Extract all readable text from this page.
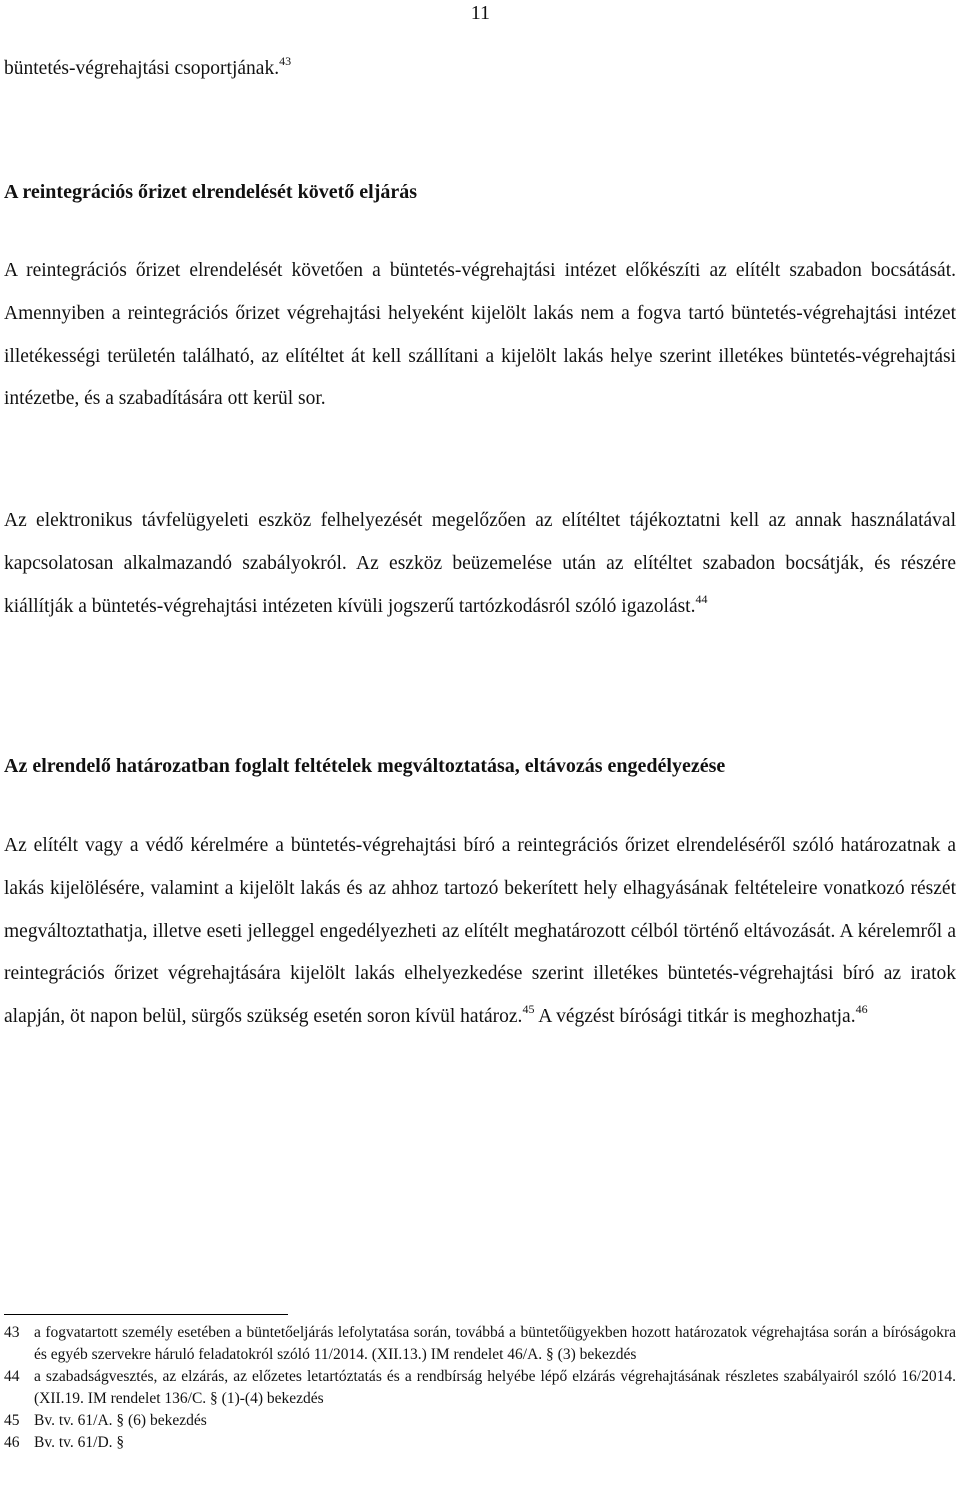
11

büntetés-végrehajtási csoportjának.$^{43}$

A reintegrációs őrizet elrendelését követő eljárás

A reintegrációs őrizet elrendelését követően a büntetés-végrehajtási intézet előkészíti az elítélt szabadon bocsátását. Amennyiben a reintegrációs őrizet végrehajtási helyeként kijelölt lakás nem a fogva tartó büntetés-végrehajtási intézet illetékességi területén található, az elítéltet át kell szállítani a kijelölt lakás helye szerint illetékes büntetés-végrehajtási intézetbe, és a szabadítására ott kerül sor.

Az elektronikus távfelügyeleti eszköz felhelyezését megelőzően az elítéltet tájékoztatni kell az annak használatával kapcsolatosan alkalmazandó szabályokról. Az eszköz beüzemelése után az elítéltet szabadon bocsátják, és részére kiállítják a büntetés-végrehajtási intézeten kívüli jogszerű tartózkodásról szóló igazolást.$^{44}$

Az elrendelő határozatban foglalt feltételek megváltoztatása, eltávozás engedélyezése

Az elítélt vagy a védő kérelmére a büntetés-végrehajtási bíró a reintegrációs őrizet elrendeléséről szóló határozatnak a lakás kijelölésére, valamint a kijelölt lakás és az ahhoz tartozó bekerített hely elhagyásának feltételeire vonatkozó részét megváltoztathatja, illetve eseti jelleggel engedélyezheti az elítélt meghatározott célból történő eltávozását. A kérelemről a reintegrációs őrizet végrehajtására kijelölt lakás elhelyezkedése szerint illetékes büntetés-végrehajtási bíró az iratok alapján, öt napon belül, sürgős szükség esetén soron kívül határoz.$^{45}$ A végzést bírósági titkár is meghozhatja.$^{46}$

43 a fogvatartott személy esetében a büntetőeljárás lefolytatása során, továbbá a büntetőügyekben hozott határozatok végrehajtása során a bíróságokra és egyéb szervekre háruló feladatokról szóló 11/2014. (XII.13.) IM rendelet 46/A. § (3) bekezdés
44 a szabadságvesztés, az elzárás, az előzetes letartóztatás és a rendbírság helyébe lépő elzárás végrehajtásának részletes szabályairól szóló 16/2014. (XII.19. IM rendelet 136/C. § (1)-(4) bekezdés
45 Bv. tv. 61/A. § (6) bekezdés
46 Bv. tv. 61/D. §
